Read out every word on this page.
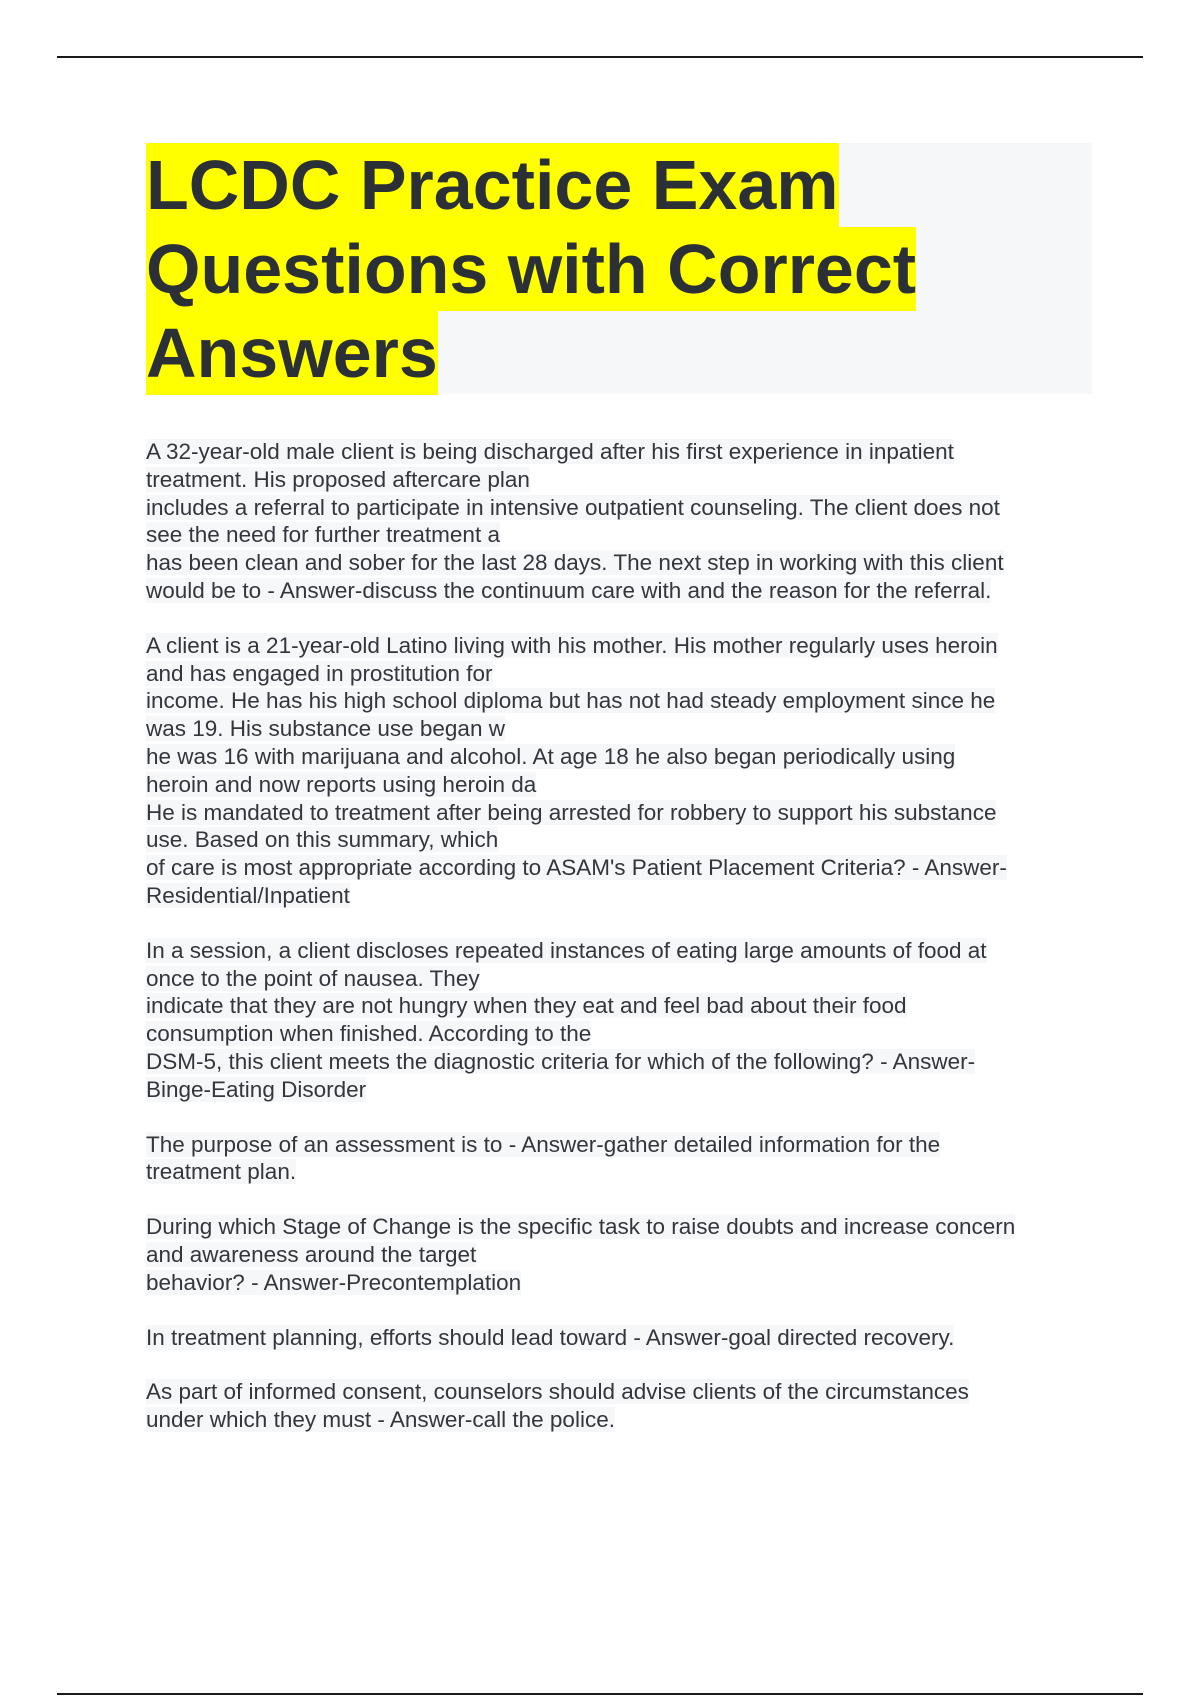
LCDC Practice Exam
Questions with Correct
Answers
A 32-year-old male client is being discharged after his first experience in inpatient
treatment. His proposed aftercare plan
includes a referral to participate in intensive outpatient counseling. The client does not
see the need for further treatment a
has been clean and sober for the last 28 days. The next step in working with this client
would be to - Answer-discuss the continuum care with and the reason for the referral.
A client is a 21-year-old Latino living with his mother. His mother regularly uses heroin
and has engaged in prostitution for
income. He has his high school diploma but has not had steady employment since he
was 19. His substance use began w
he was 16 with marijuana and alcohol. At age 18 he also began periodically using
heroin and now reports using heroin da
He is mandated to treatment after being arrested for robbery to support his substance
use. Based on this summary, which
of care is most appropriate according to ASAM's Patient Placement Criteria? - Answer-
Residential/Inpatient
In a session, a client discloses repeated instances of eating large amounts of food at
once to the point of nausea. They
indicate that they are not hungry when they eat and feel bad about their food
consumption when finished. According to the
DSM-5, this client meets the diagnostic criteria for which of the following? - Answer-
Binge-Eating Disorder
The purpose of an assessment is to - Answer-gather detailed information for the
treatment plan.
During which Stage of Change is the specific task to raise doubts and increase concern
and awareness around the target
behavior? - Answer-Precontemplation
In treatment planning, efforts should lead toward - Answer-goal directed recovery.
As part of informed consent, counselors should advise clients of the circumstances
under which they must - Answer-call the police.
